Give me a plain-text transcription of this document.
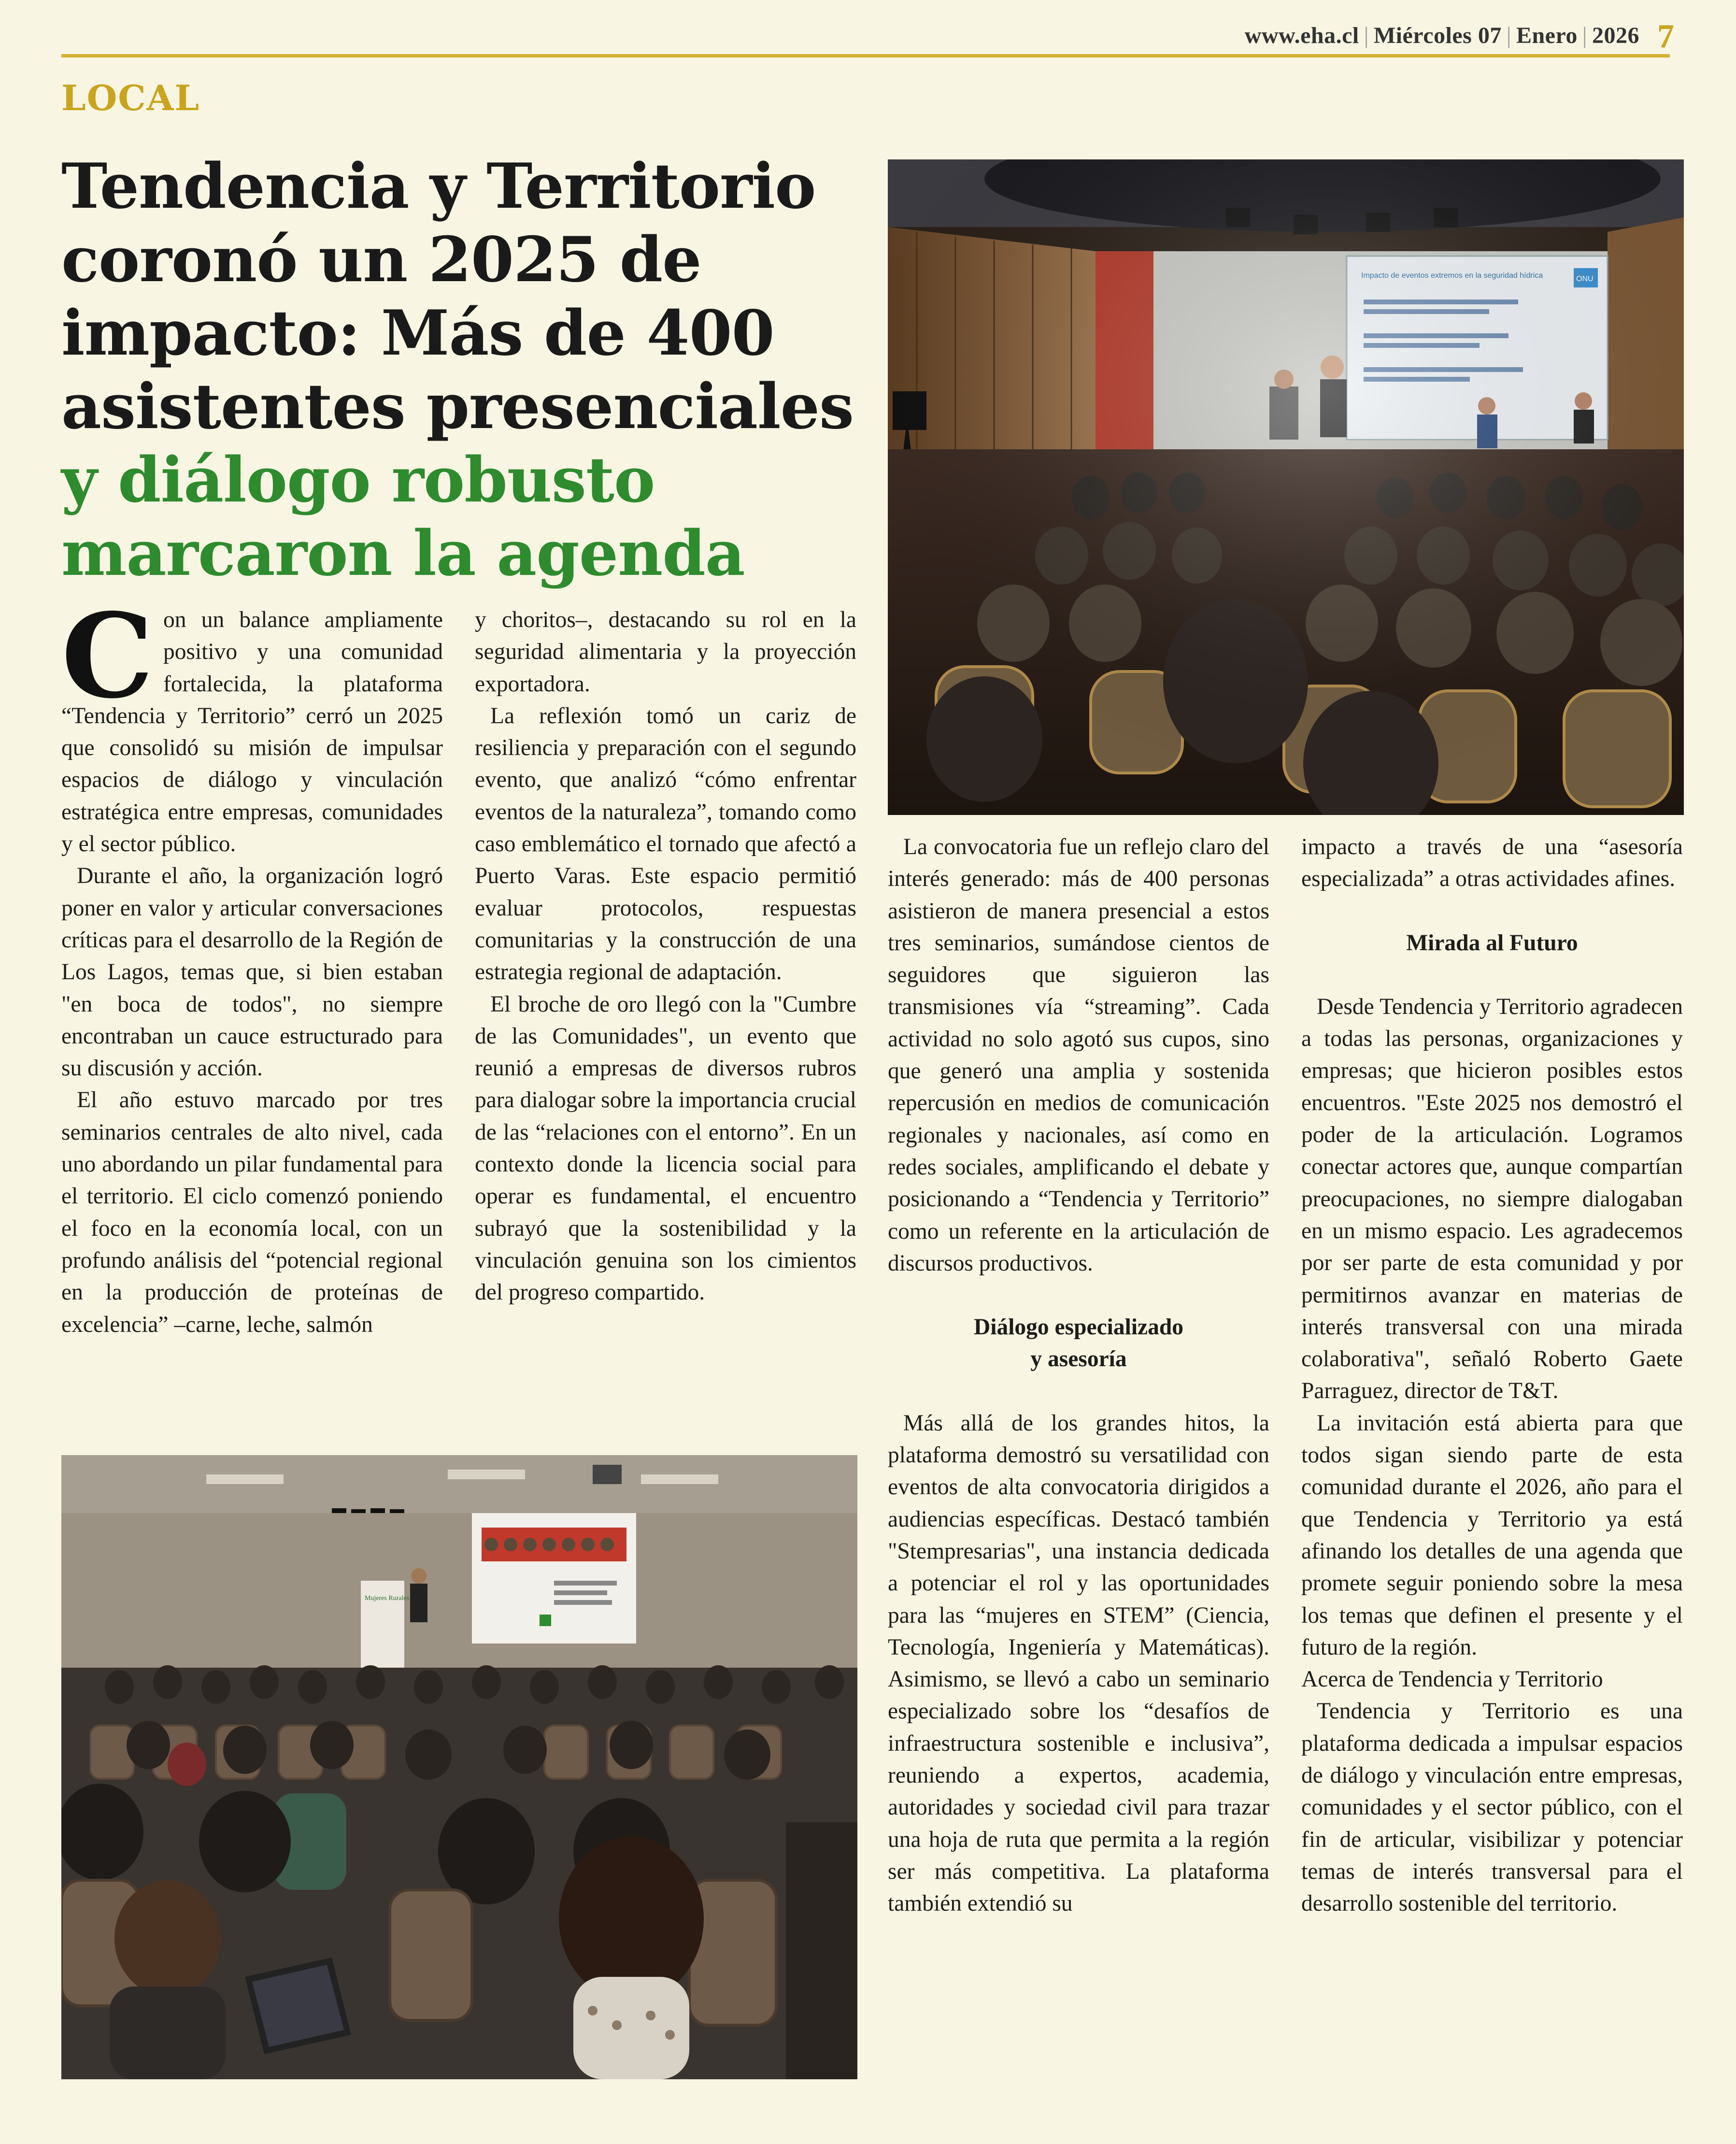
www.eha.cl | Miércoles 07 | Enero | 2026 7
LOCAL
Tendencia y Territorio
coronó un 2025 de
impacto: Más de 400
asistentes presenciales
y diálogo robusto
marcaron la agenda

Con un balance ampliamente positivo y una comunidad fortalecida, la plataforma “Tendencia y Territorio” cerró un 2025 que consolidó su misión de impulsar espacios de diálogo y vinculación estratégica entre empresas, comunidades y el sector público.

Durante el año, la organización logró poner en valor y articular conversaciones críticas para el desarrollo de la Región de Los Lagos, temas que, si bien estaban "en boca de todos", no siempre encontraban un cauce estructurado para su discusión y acción.

El año estuvo marcado por tres seminarios centrales de alto nivel, cada uno abordando un pilar fundamental para el territorio. El ciclo comenzó poniendo el foco en la economía local, con un profundo análisis del “potencial regional en la producción de proteínas de excelencia” –carne, leche, salmón

y choritos–, destacando su rol en la seguridad alimentaria y la proyección exportadora.

La reflexión tomó un cariz de resiliencia y preparación con el segundo evento, que analizó “cómo enfrentar eventos de la naturaleza”, tomando como caso emblemático el tornado que afectó a Puerto Varas. Este espacio permitió evaluar protocolos, respuestas comunitarias y la construcción de una estrategia regional de adaptación.

El broche de oro llegó con la "Cumbre de las Comunidades", un evento que reunió a empresas de diversos rubros para dialogar sobre la importancia crucial de las “relaciones con el entorno”. En un contexto donde la licencia social para operar es fundamental, el encuentro subrayó que la sostenibilidad y la vinculación genuina son los cimientos del progreso compartido.

Mujeres Rurales

La convocatoria fue un reflejo claro del interés generado: más de 400 personas asistieron de manera presencial a estos tres seminarios, sumándose cientos de seguidores que siguieron las transmisiones vía “streaming”. Cada actividad no solo agotó sus cupos, sino que generó una amplia y sostenida repercusión en medios de comunicación regionales y nacionales, así como en redes sociales, amplificando el debate y posicionando a “Tendencia y Territorio” como un referente en la articulación de discursos productivos.

Diálogo especializado

y asesoría

Más allá de los grandes hitos, la plataforma demostró su versatilidad con eventos de alta convocatoria dirigidos a audiencias específicas. Destacó también "Stempresarias", una instancia dedicada a potenciar el rol y las oportunidades para las “mujeres en STEM” (Ciencia, Tecnología, Ingeniería y Matemáticas). Asimismo, se llevó a cabo un seminario especializado sobre los “desafíos de infraestructura sostenible e inclusiva”, reuniendo a expertos, academia, autoridades y sociedad civil para trazar una hoja de ruta que permita a la región ser más competitiva. La plataforma también extendió su

impacto a través de una “asesoría especializada” a otras actividades afines.

Mirada al Futuro

Desde Tendencia y Territorio agradecen a todas las personas, organizaciones y empresas; que hicieron posibles estos encuentros. "Este 2025 nos demostró el poder de la articulación. Logramos conectar actores que, aunque compartían preocupaciones, no siempre dialogaban en un mismo espacio. Les agradecemos por ser parte de esta comunidad y por permitirnos avanzar en materias de interés transversal con una mirada colaborativa", señaló Roberto Gaete Parraguez, director de T&T.

La invitación está abierta para que todos sigan siendo parte de esta comunidad durante el 2026, año para el que Tendencia y Territorio ya está afinando los detalles de una agenda que promete seguir poniendo sobre la mesa los temas que definen el presente y el futuro de la región.

Acerca de Tendencia y Territorio

Tendencia y Territorio es una plataforma dedicada a impulsar espacios de diálogo y vinculación entre empresas, comunidades y el sector público, con el fin de articular, visibilizar y potenciar temas de interés transversal para el desarrollo sostenible del territorio.
